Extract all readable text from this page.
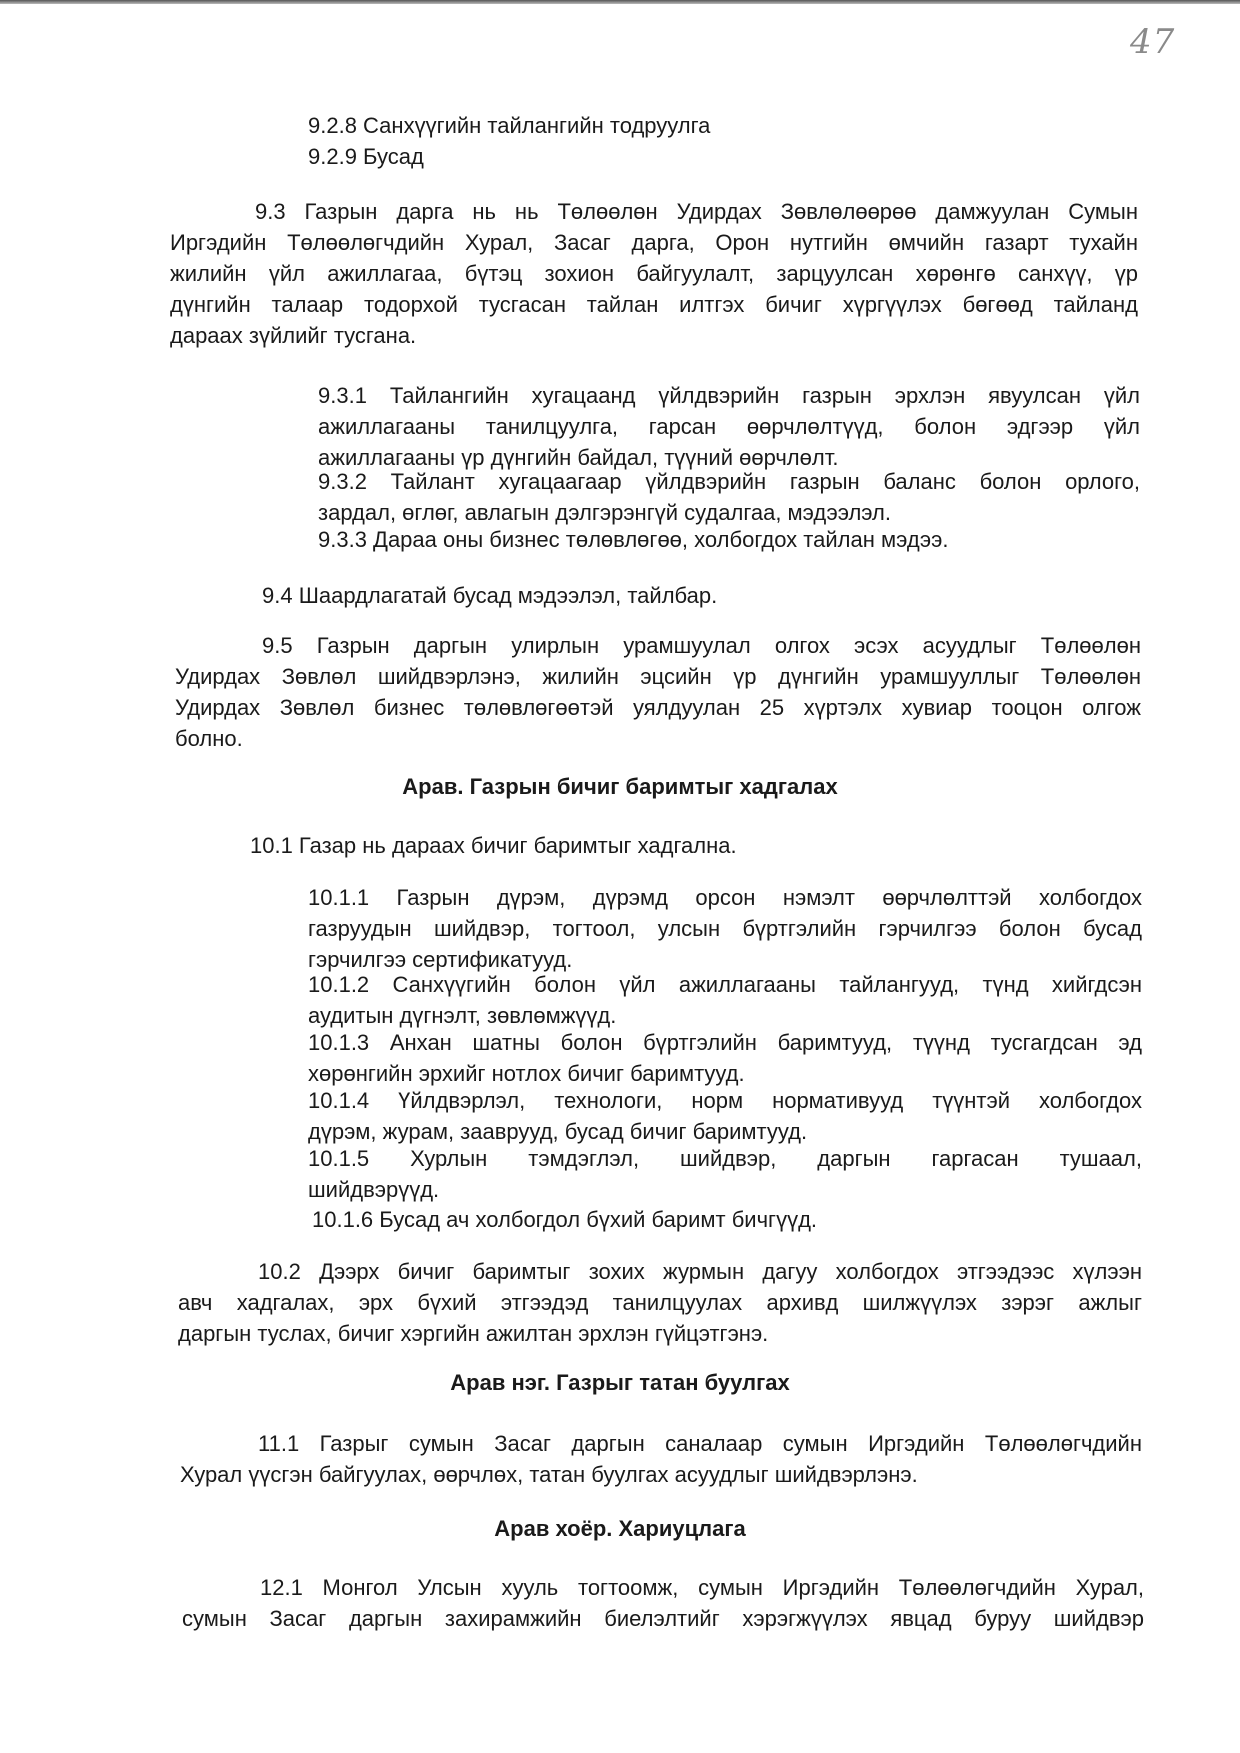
47

9.2.8 Санхүүгийн тайлангийн тодруулга

9.2.9 Бусад

9.3 Газрын дарга нь нь Төлөөлөн Удирдах Зөвлөлөөрөө дамжуулан Сумын
Иргэдийн Төлөөлөгчдийн Хурал, Засаг дарга, Орон нутгийн өмчийн газарт тухайн
жилийн үйл ажиллагаа, бүтэц зохион байгуулалт, зарцуулсан хөрөнгө санхүү, үр
дүнгийн талаар тодорхой тусгасан тайлан илтгэх бичиг хүргүүлэх бөгөөд тайланд
дараах зүйлийг тусгана.
9.3.1 Тайлангийн хугацаанд үйлдвэрийн газрын эрхлэн явуулсан үйл
ажиллагааны танилцуулга, гарсан өөрчлөлтүүд, болон эдгээр үйл
ажиллагааны үр дүнгийн байдал, түүний өөрчлөлт.
9.3.2 Тайлант хугацаагаар үйлдвэрийн газрын баланс болон орлого,
зардал, өглөг, авлагын дэлгэрэнгүй судалгаа, мэдээлэл.

9.3.3 Дараа оны бизнес төлөвлөгөө, холбогдох тайлан мэдээ.

9.4 Шаардлагатай бусад мэдээлэл, тайлбар.

9.5 Газрын даргын улирлын урамшуулал олгох эсэх асуудлыг Төлөөлөн
Удирдах Зөвлөл шийдвэрлэнэ, жилийн эцсийн үр дүнгийн урамшууллыг Төлөөлөн
Удирдах Зөвлөл бизнес төлөвлөгөөтэй уялдуулан 25 хүртэлх хувиар тооцон олгож
болно.
Арав. Газрын бичиг баримтыг хадгалах

10.1 Газар нь дараах бичиг баримтыг хадгална.

10.1.1 Газрын дүрэм, дүрэмд орсон нэмэлт өөрчлөлттэй холбогдох
газруудын шийдвэр, тогтоол, улсын бүртгэлийн гэрчилгээ болон бусад
гэрчилгээ сертификатууд.
10.1.2 Санхүүгийн болон үйл ажиллагааны тайлангууд, түнд хийгдсэн
аудитын дүгнэлт, зөвлөмжүүд.
10.1.3 Анхан шатны болон бүртгэлийн баримтууд, түүнд тусгагдсан эд
хөрөнгийн эрхийг нотлох бичиг баримтууд.
10.1.4 Үйлдвэрлэл, технологи, норм нормативууд түүнтэй холбогдох
дүрэм, журам, зааврууд, бусад бичиг баримтууд.
10.1.5 Хурлын тэмдэглэл, шийдвэр, даргын гаргасан тушаал,
шийдвэрүүд.

10.1.6 Бусад ач холбогдол бүхий баримт бичгүүд.

10.2 Дээрх бичиг баримтыг зохих журмын дагуу холбогдох этгээдээс хүлээн
авч хадгалах, эрх бүхий этгээдэд танилцуулах архивд шилжүүлэх зэрэг ажлыг
даргын туслах, бичиг хэргийн ажилтан эрхлэн гүйцэтгэнэ.
Арав нэг. Газрыг татан буулгах
11.1 Газрыг сумын Засаг даргын саналаар сумын Иргэдийн Төлөөлөгчдийн
Хурал үүсгэн байгуулах, өөрчлөх, татан буулгах асуудлыг шийдвэрлэнэ.
Арав хоёр. Хариуцлага
12.1 Монгол Улсын хууль тогтоомж, сумын Иргэдийн Төлөөлөгчдийн Хурал,
сумын Засаг даргын захирамжийн биелэлтийг хэрэгжүүлэх явцад буруу шийдвэр
